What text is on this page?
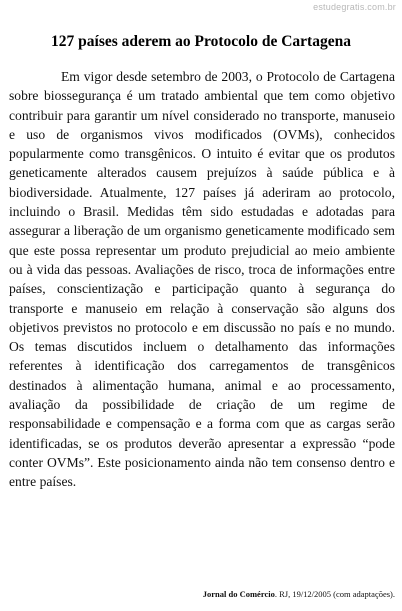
estudegratis.com.br
127 países aderem ao Protocolo de Cartagena

Em vigor desde setembro de 2003, o Protocolo de Cartagena sobre biossegurança é um tratado ambiental que tem como objetivo contribuir para garantir um nível considerado no transporte, manuseio e uso de organismos vivos modificados (OVMs), conhecidos popularmente como transgênicos. O intuito é evitar que os produtos geneticamente alterados causem prejuízos à saúde pública e à biodiversidade. Atualmente, 127 países já aderiram ao protocolo, incluindo o Brasil. Medidas têm sido estudadas e adotadas para assegurar a liberação de um organismo geneticamente modificado sem que este possa representar um produto prejudicial ao meio ambiente ou à vida das pessoas. Avaliações de risco, troca de informações entre países, conscientização e participação quanto à segurança do transporte e manuseio em relação à conservação são alguns dos objetivos previstos no protocolo e em discussão no país e no mundo. Os temas discutidos incluem o detalhamento das informações referentes à identificação dos carregamentos de transgênicos destinados à alimentação humana, animal e ao processamento, avaliação da possibilidade de criação de um regime de responsabilidade e compensação e a forma com que as cargas serão identificadas, se os produtos deverão apresentar a expressão “pode conter OVMs”. Este posicionamento ainda não tem consenso dentro e entre países.

Jornal do Comércio. RJ, 19/12/2005 (com adaptações).
